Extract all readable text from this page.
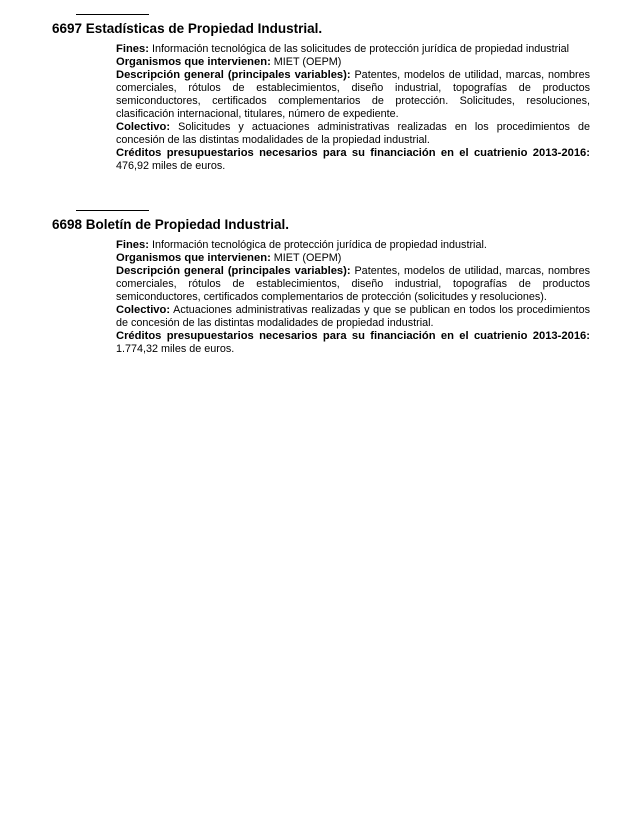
6697 Estadísticas de Propiedad Industrial.

Fines: Información tecnológica de las solicitudes de protección jurídica de propiedad industrial

Organismos que intervienen: MIET (OEPM)

Descripción general (principales variables): Patentes, modelos de utilidad, marcas, nombres comerciales, rótulos de establecimientos, diseño industrial, topografías de productos semiconductores, certificados complementarios de protección. Solicitudes, resoluciones, clasificación internacional, titulares, número de expediente.

Colectivo: Solicitudes y actuaciones administrativas realizadas en los procedimientos de concesión de las distintas modalidades de la propiedad industrial.

Créditos presupuestarios necesarios para su financiación en el cuatrienio 2013-2016: 476,92 miles de euros.

6698 Boletín de Propiedad Industrial.

Fines: Información tecnológica de protección jurídica de propiedad industrial.

Organismos que intervienen: MIET (OEPM)

Descripción general (principales variables): Patentes, modelos de utilidad, marcas, nombres comerciales, rótulos de establecimientos, diseño industrial, topografías de productos semiconductores, certificados complementarios de protección (solicitudes y resoluciones).

Colectivo: Actuaciones administrativas realizadas y que se publican en todos los procedimientos de concesión de las distintas modalidades de propiedad industrial.

Créditos presupuestarios necesarios para su financiación en el cuatrienio 2013-2016: 1.774,32 miles de euros.
